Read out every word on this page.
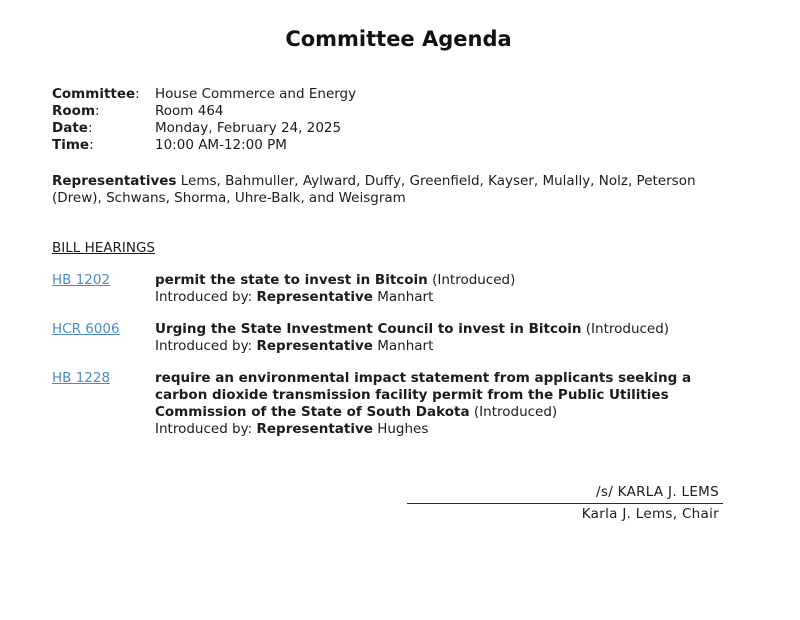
Committee Agenda
Committee:	House Commerce and Energy
Room:	Room 464
Date:	Monday, February 24, 2025
Time:	10:00 AM-12:00 PM

Representatives Lems, Bahmuller, Aylward, Duffy, Greenfield, Kayser, Mulally, Nolz, Peterson (Drew), Schwans, Shorma, Uhre-Balk, and Weisgram

BILL HEARINGS
HB 1202	permit the state to invest in Bitcoin (Introduced)
Introduced by: Representative Manhart
HCR 6006	Urging the State Investment Council to invest in Bitcoin (Introduced)
Introduced by: Representative Manhart
HB 1228	require an environmental impact statement from applicants seeking a carbon dioxide transmission facility permit from the Public Utilities Commission of the State of South Dakota (Introduced)
Introduced by: Representative Hughes
/s/ KARLA J. LEMS
Karla J. Lems, Chair
